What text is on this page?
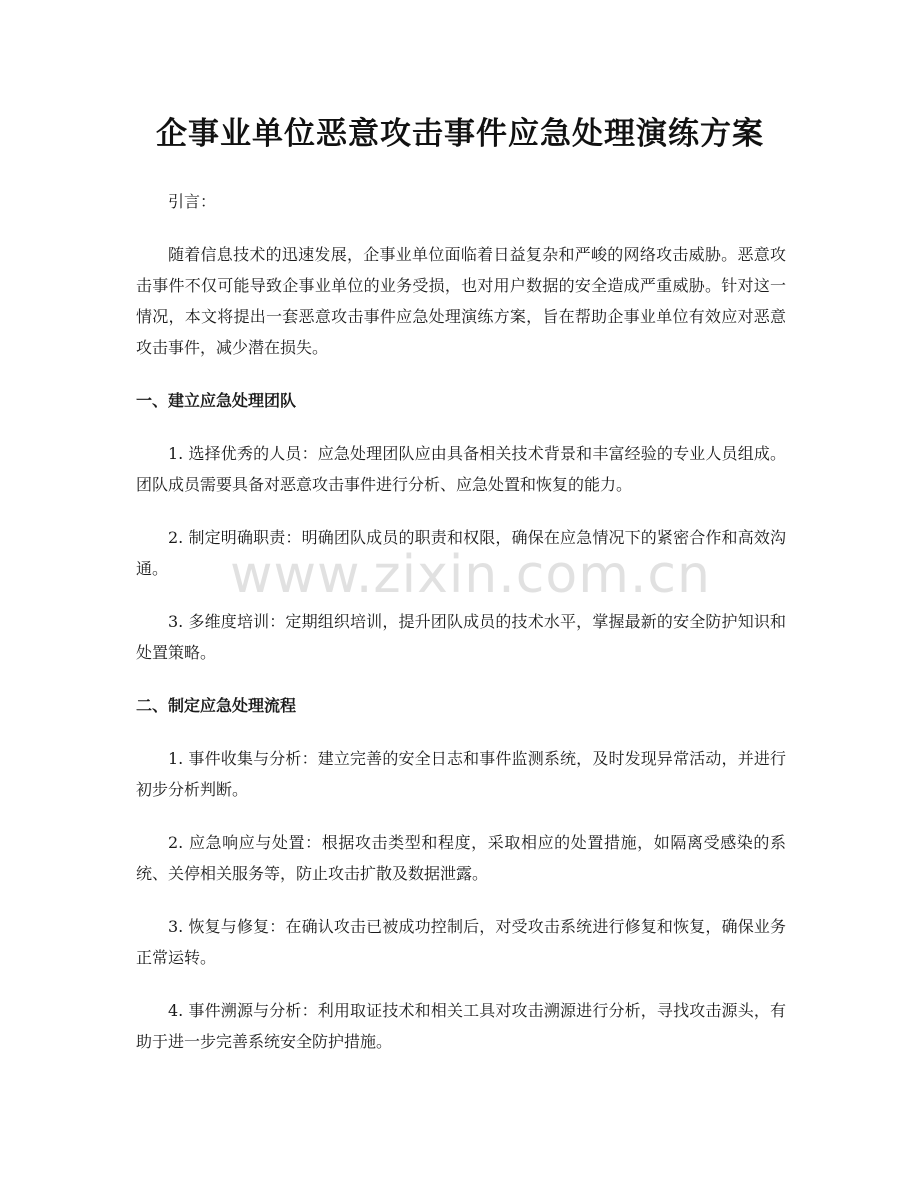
企事业单位恶意攻击事件应急处理演练方案

引言：

随着信息技术的迅速发展，企事业单位面临着日益复杂和严峻的网络攻击威胁。恶意攻击事件不仅可能导致企事业单位的业务受损，也对用户数据的安全造成严重威胁。针对这一情况，本文将提出一套恶意攻击事件应急处理演练方案，旨在帮助企事业单位有效应对恶意攻击事件，减少潜在损失。

一、建立应急处理团队

1. 选择优秀的人员：应急处理团队应由具备相关技术背景和丰富经验的专业人员组成。团队成员需要具备对恶意攻击事件进行分析、应急处置和恢复的能力。

2. 制定明确职责：明确团队成员的职责和权限，确保在应急情况下的紧密合作和高效沟通。

3. 多维度培训：定期组织培训，提升团队成员的技术水平，掌握最新的安全防护知识和处置策略。

二、制定应急处理流程

1. 事件收集与分析：建立完善的安全日志和事件监测系统，及时发现异常活动，并进行初步分析判断。

2. 应急响应与处置：根据攻击类型和程度，采取相应的处置措施，如隔离受感染的系统、关停相关服务等，防止攻击扩散及数据泄露。

3. 恢复与修复：在确认攻击已被成功控制后，对受攻击系统进行修复和恢复，确保业务正常运转。

4. 事件溯源与分析：利用取证技术和相关工具对攻击溯源进行分析，寻找攻击源头，有助于进一步完善系统安全防护措施。

www.zixin.com.cn
